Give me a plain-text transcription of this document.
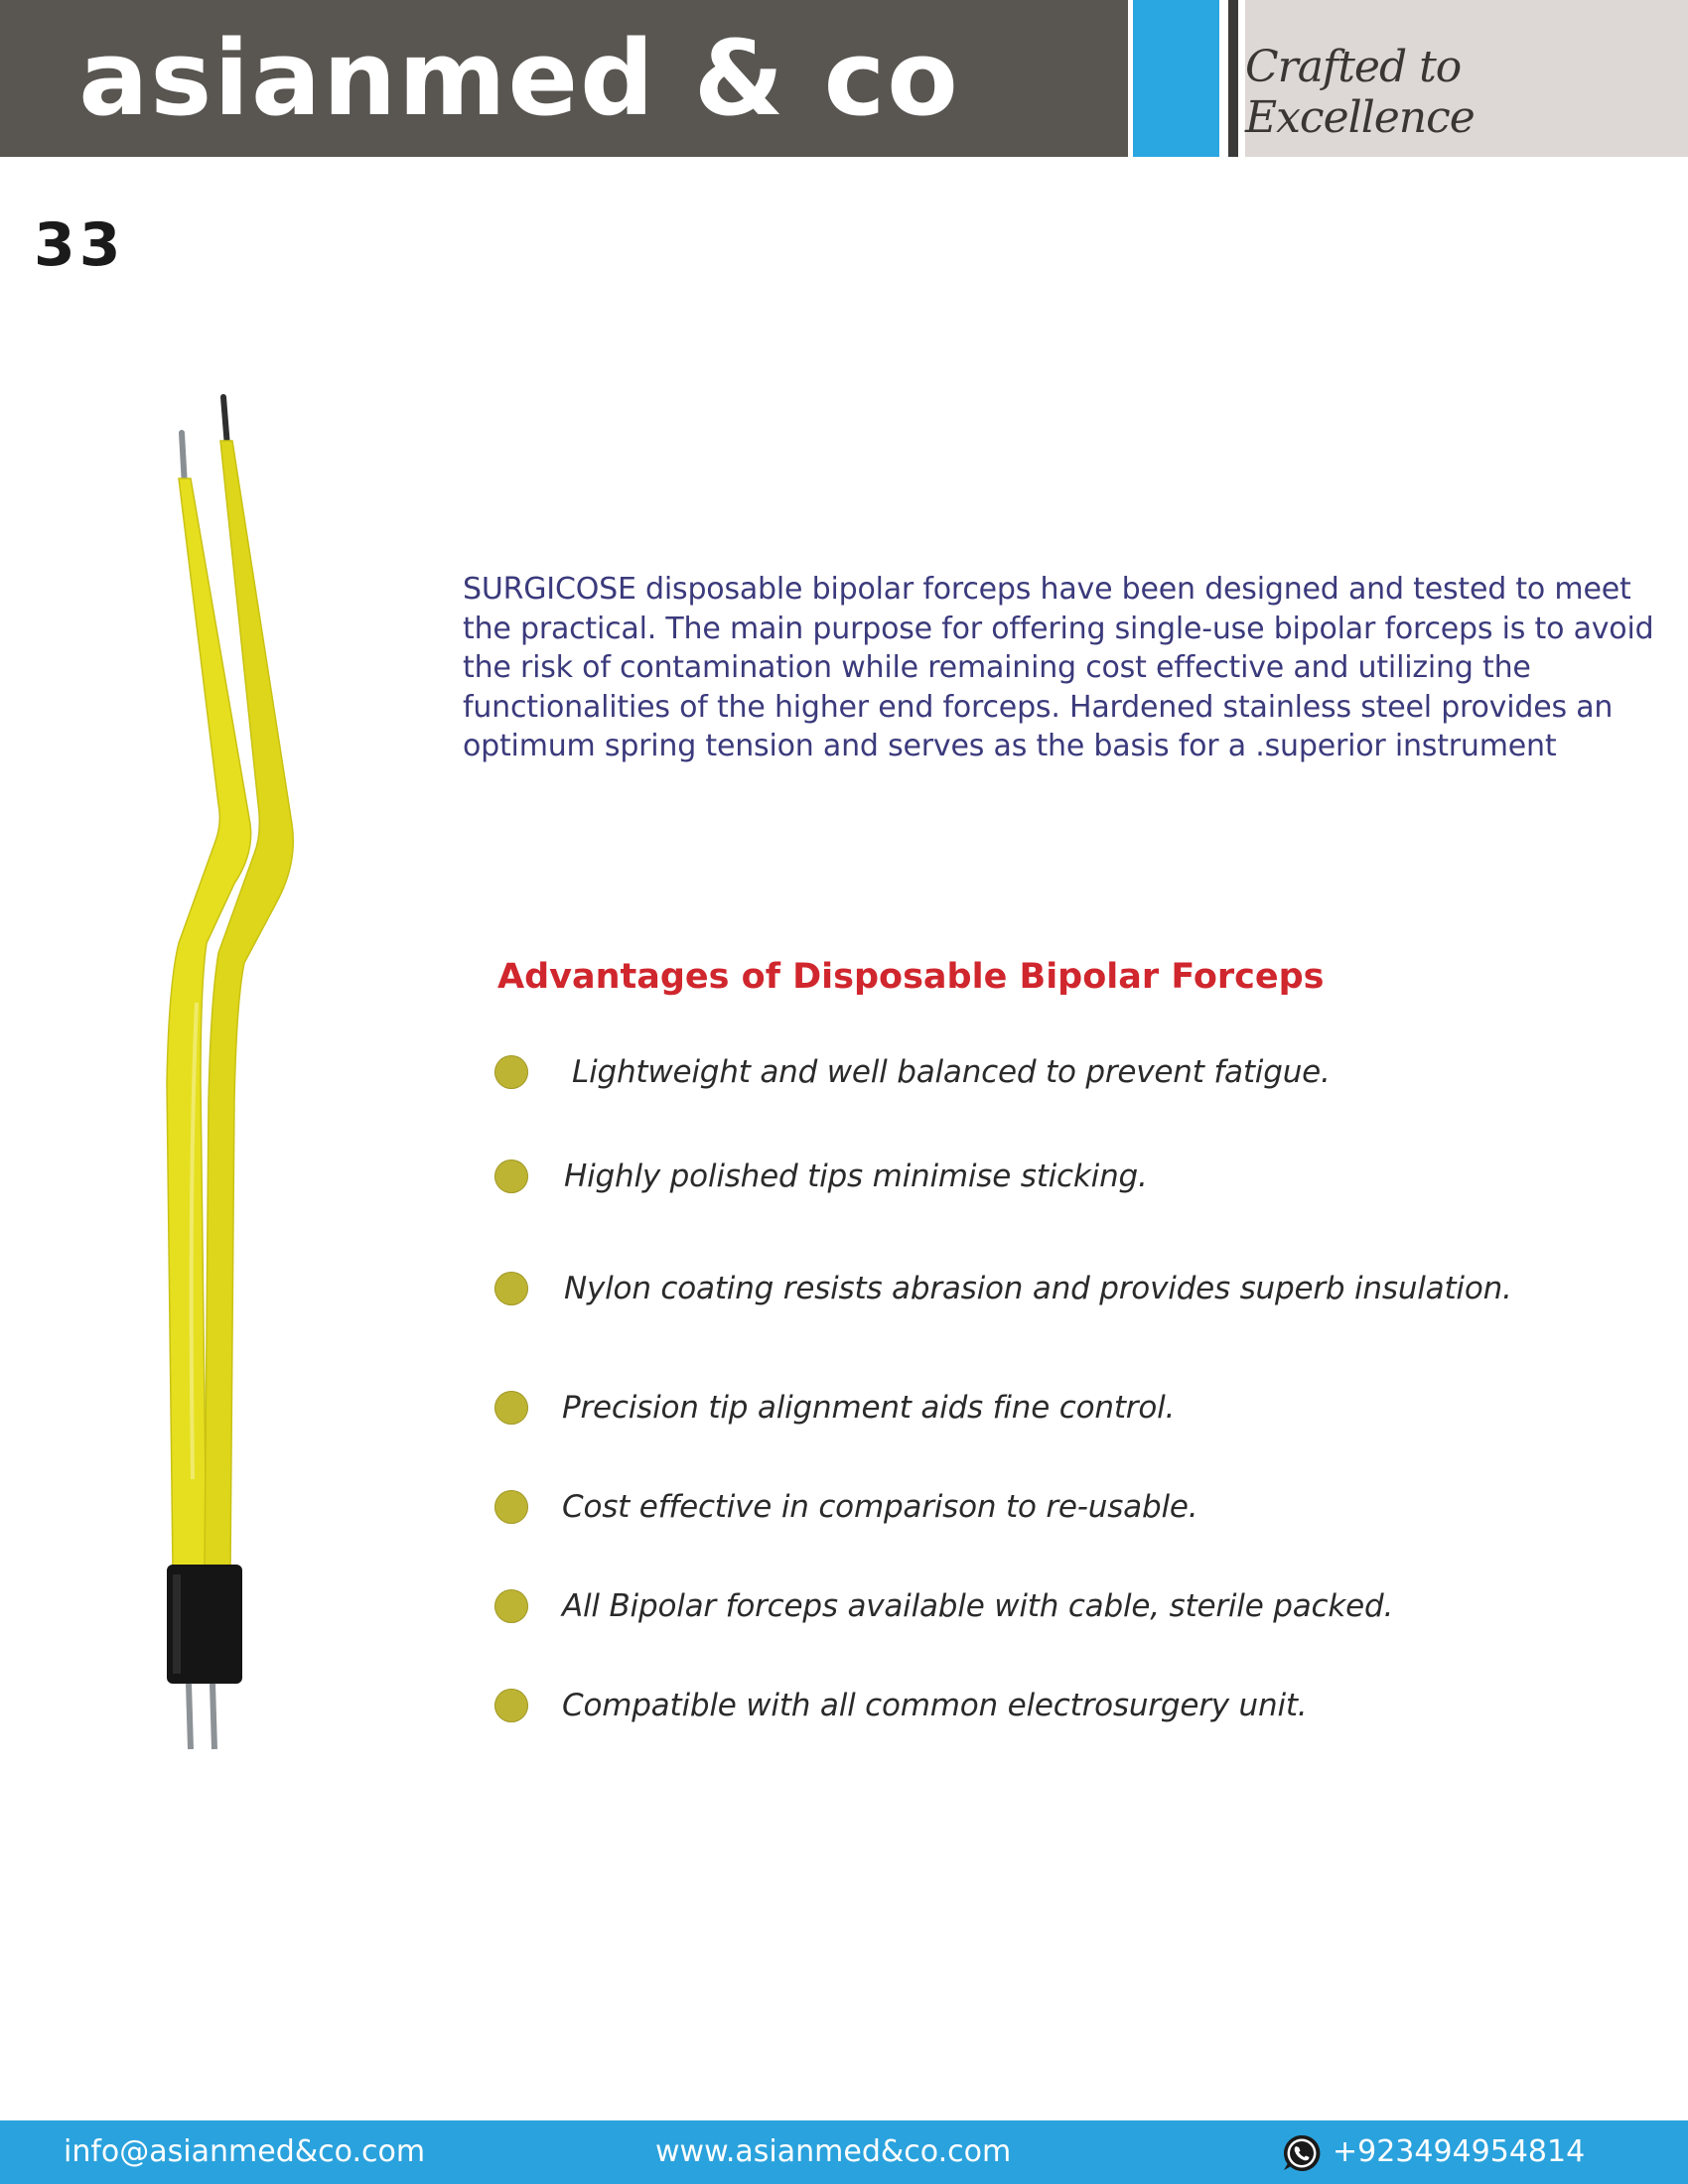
asianmed & co	Crafted to Excellence
33

SURGICOSE disposable bipolar forceps have been designed and tested to meet the practical. The main purpose for offering single-use bipolar forceps is to avoid the risk of contamination while remaining cost effective and utilizing the functionalities of the higher end forceps. Hardened stainless steel provides an optimum spring tension and serves as the basis for a .superior instrument

Advantages of Disposable Bipolar Forceps
Lightweight and well balanced to prevent fatigue.
Highly polished tips minimise sticking.
Nylon coating resists abrasion and provides superb insulation.
Precision tip alignment aids fine control.
Cost effective in comparison to re-usable.
All Bipolar forceps available with cable, sterile packed.
Compatible with all common electrosurgery unit.
info@asianmed&co.com	www.asianmed&co.com	+923494954814
